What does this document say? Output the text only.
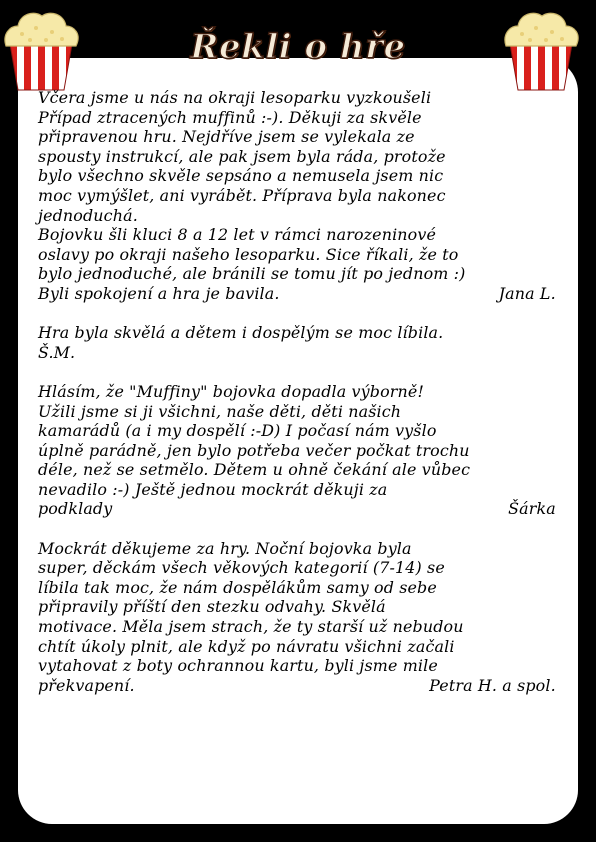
Řekli o hře
Včera jsme u nás na okraji lesoparku vyzkoušeli
Případ ztracených muffinů :-). Děkuji za skvěle
připravenou hru. Nejdříve jsem se vylekala ze
spousty instrukcí, ale pak jsem byla ráda, protože
bylo všechno skvěle sepsáno a nemusela jsem nic
moc vymýšlet, ani vyrábět. Příprava byla nakonec
jednoduchá.
Bojovku šli kluci 8 a 12 let v rámci narozeninové
oslavy po okraji našeho lesoparku. Sice říkali, že to
bylo jednoduché, ale bránili se tomu jít po jednom :)
Byli spokojení a hra je bavila.	Jana L.
Hra byla skvělá a dětem i dospělým se moc líbila.
Š.M.
Hlásím, že "Muffiny" bojovka dopadla výborně!
Užili jsme si ji všichni, naše děti, děti našich
kamarádů (a i my dospělí :-D) I počasí nám vyšlo
úplně parádně, jen bylo potřeba večer počkat trochu
déle, než se setmělo. Dětem u ohně čekání ale vůbec
nevadilo :-) Ještě jednou mockrát děkuji za
podklady	Šárka
Mockrát děkujeme za hry. Noční bojovka byla
super, děckám všech věkových kategorií (7-14) se
líbila tak moc, že nám dospělákům samy od sebe
připravily příští den stezku odvahy. Skvělá
motivace. Měla jsem strach, že ty starší už nebudou
chtít úkoly plnit, ale když po návratu všichni začali
vytahovat z boty ochrannou kartu, byli jsme mile
překvapení.	Petra H. a spol.
